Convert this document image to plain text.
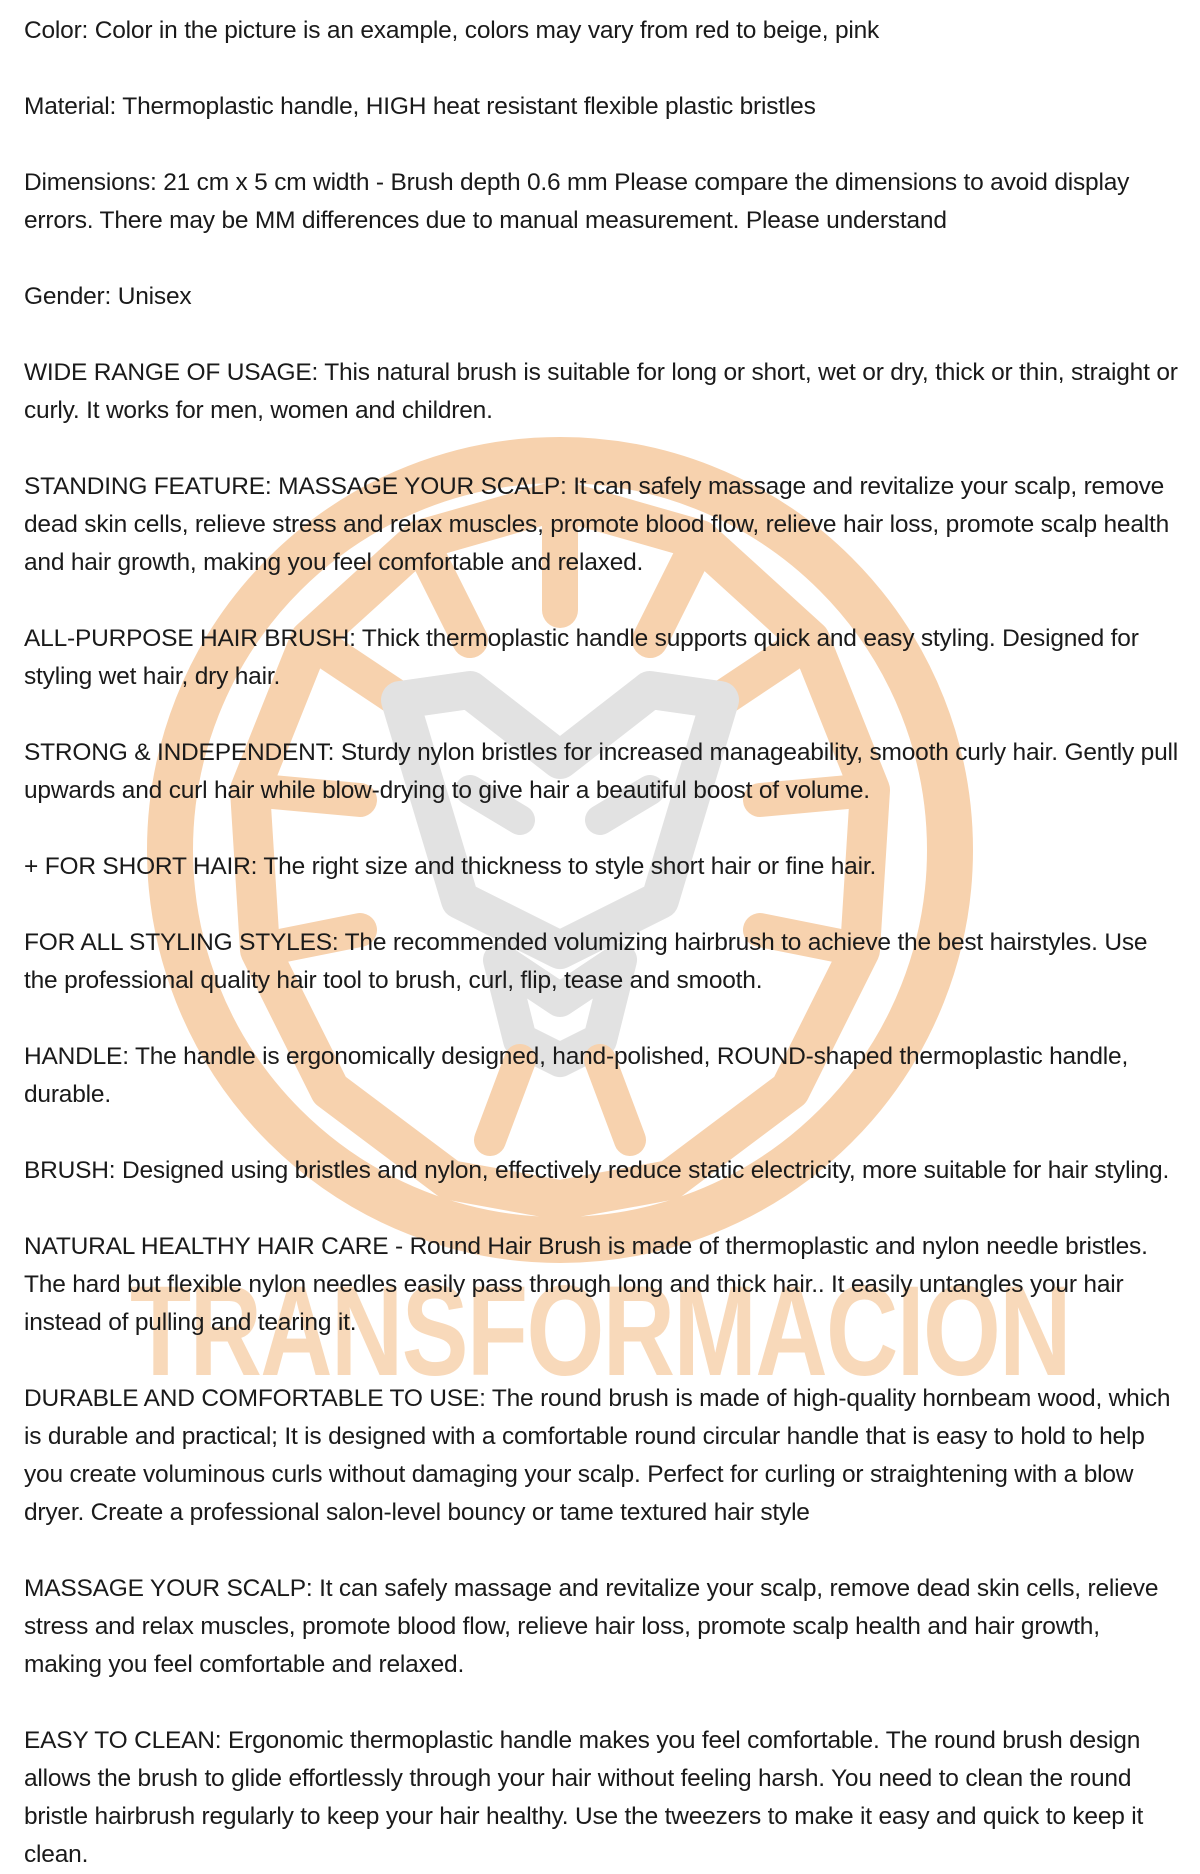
TRANSFORMACION

Color: Color in the picture is an example, colors may vary from red to beige, pink

Material: Thermoplastic handle, HIGH heat resistant flexible plastic bristles

Dimensions: 21 cm x 5 cm width - Brush depth 0.6 mm Please compare the dimensions to avoid display errors. There may be MM differences due to manual measurement. Please understand

Gender: Unisex

WIDE RANGE OF USAGE: This natural brush is suitable for long or short, wet or dry, thick or thin, straight or curly. It works for men, women and children.

STANDING FEATURE: MASSAGE YOUR SCALP: It can safely massage and revitalize your scalp, remove dead skin cells, relieve stress and relax muscles, promote blood flow, relieve hair loss, promote scalp health and hair growth, making you feel comfortable and relaxed.

ALL-PURPOSE HAIR BRUSH: Thick thermoplastic handle supports quick and easy styling. Designed for styling wet hair, dry hair.

STRONG & INDEPENDENT: Sturdy nylon bristles for increased manageability, smooth curly hair. Gently pull upwards and curl hair while blow-drying to give hair a beautiful boost of volume.

+ FOR SHORT HAIR: The right size and thickness to style short hair or fine hair.

FOR ALL STYLING STYLES: The recommended volumizing hairbrush to achieve the best hairstyles. Use the professional quality hair tool to brush, curl, flip, tease and smooth.

HANDLE: The handle is ergonomically designed, hand-polished, ROUND-shaped thermoplastic handle, durable.

BRUSH: Designed using bristles and nylon, effectively reduce static electricity, more suitable for hair styling.

NATURAL HEALTHY HAIR CARE - Round Hair Brush is made of thermoplastic and nylon needle bristles. The hard but flexible nylon needles easily pass through long and thick hair.. It easily untangles your hair instead of pulling and tearing it.

DURABLE AND COMFORTABLE TO USE: The round brush is made of high-quality hornbeam wood, which is durable and practical; It is designed with a comfortable round circular handle that is easy to hold to help you create voluminous curls without damaging your scalp. Perfect for curling or straightening with a blow dryer. Create a professional salon-level bouncy or tame textured hair style

MASSAGE YOUR SCALP: It can safely massage and revitalize your scalp, remove dead skin cells, relieve stress and relax muscles, promote blood flow, relieve hair loss, promote scalp health and hair growth, making you feel comfortable and relaxed.

EASY TO CLEAN: Ergonomic thermoplastic handle makes you feel comfortable. The round brush design allows the brush to glide effortlessly through your hair without feeling harsh. You need to clean the round bristle hairbrush regularly to keep your hair healthy. Use the tweezers to make it easy and quick to keep it clean.
